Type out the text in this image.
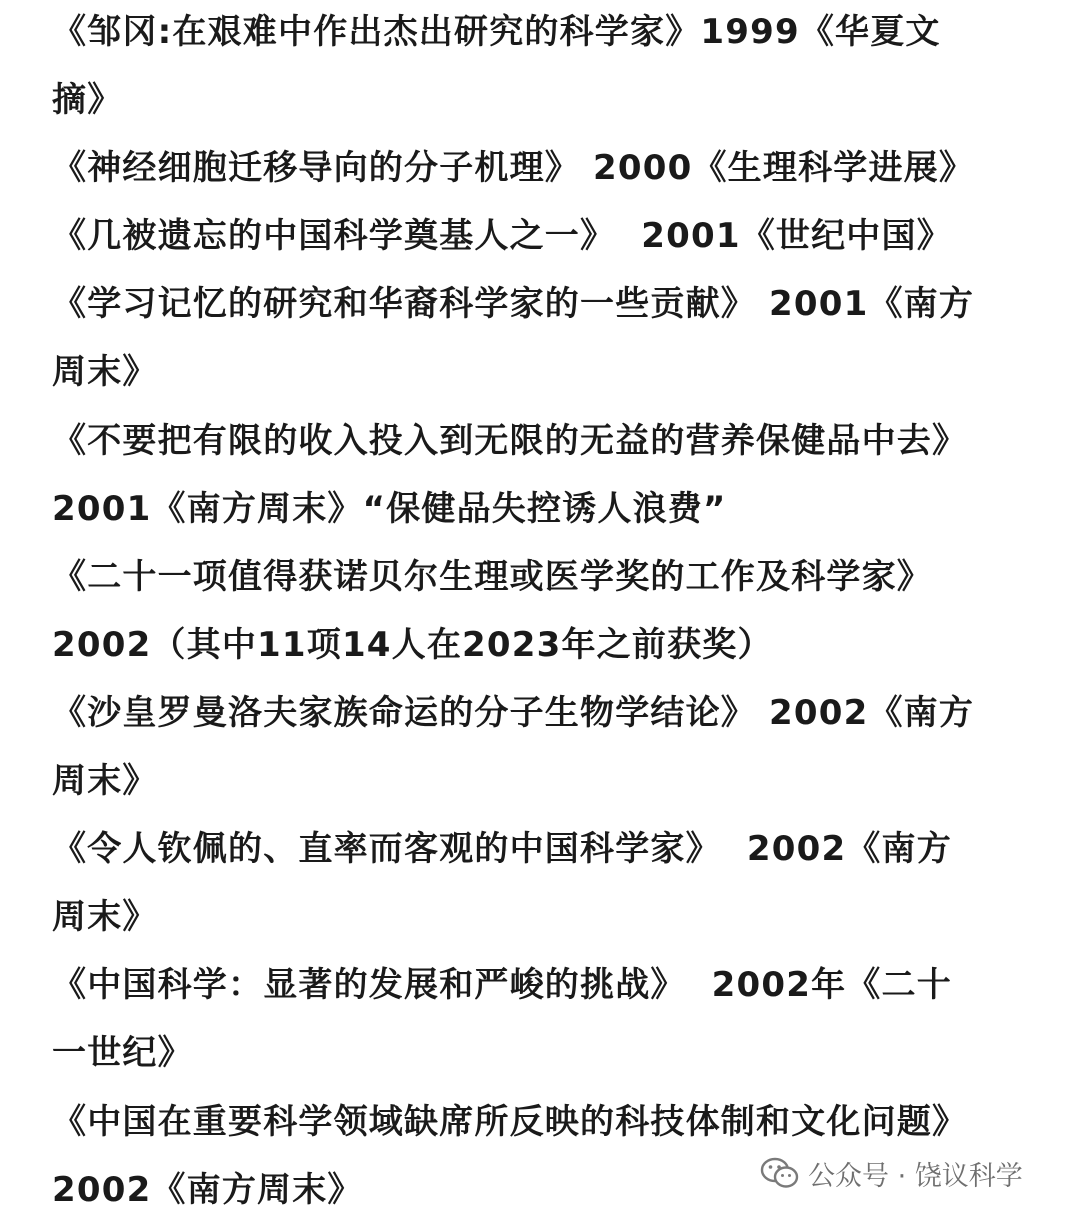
《邹冈:在艰难中作出杰出研究的科学家》1999《华夏文
摘》
《神经细胞迁移导向的分子机理》 2000《生理科学进展》
《几被遗忘的中国科学奠基人之一》  2001《世纪中国》
《学习记忆的研究和华裔科学家的一些贡献》 2001《南方
周末》
《不要把有限的收入投入到无限的无益的营养保健品中去》
2001《南方周末》“保健品失控诱人浪费”
《二十一项值得获诺贝尔生理或医学奖的工作及科学家》
2002（其中11项14人在2023年之前获奖）
《沙皇罗曼洛夫家族命运的分子生物学结论》 2002《南方
周末》
《令人钦佩的、直率而客观的中国科学家》  2002《南方
周末》
《中国科学：显著的发展和严峻的挑战》  2002年《二十
一世纪》
《中国在重要科学领域缺席所反映的科技体制和文化问题》
2002《南方周末》	公众号 · 饶议科学
